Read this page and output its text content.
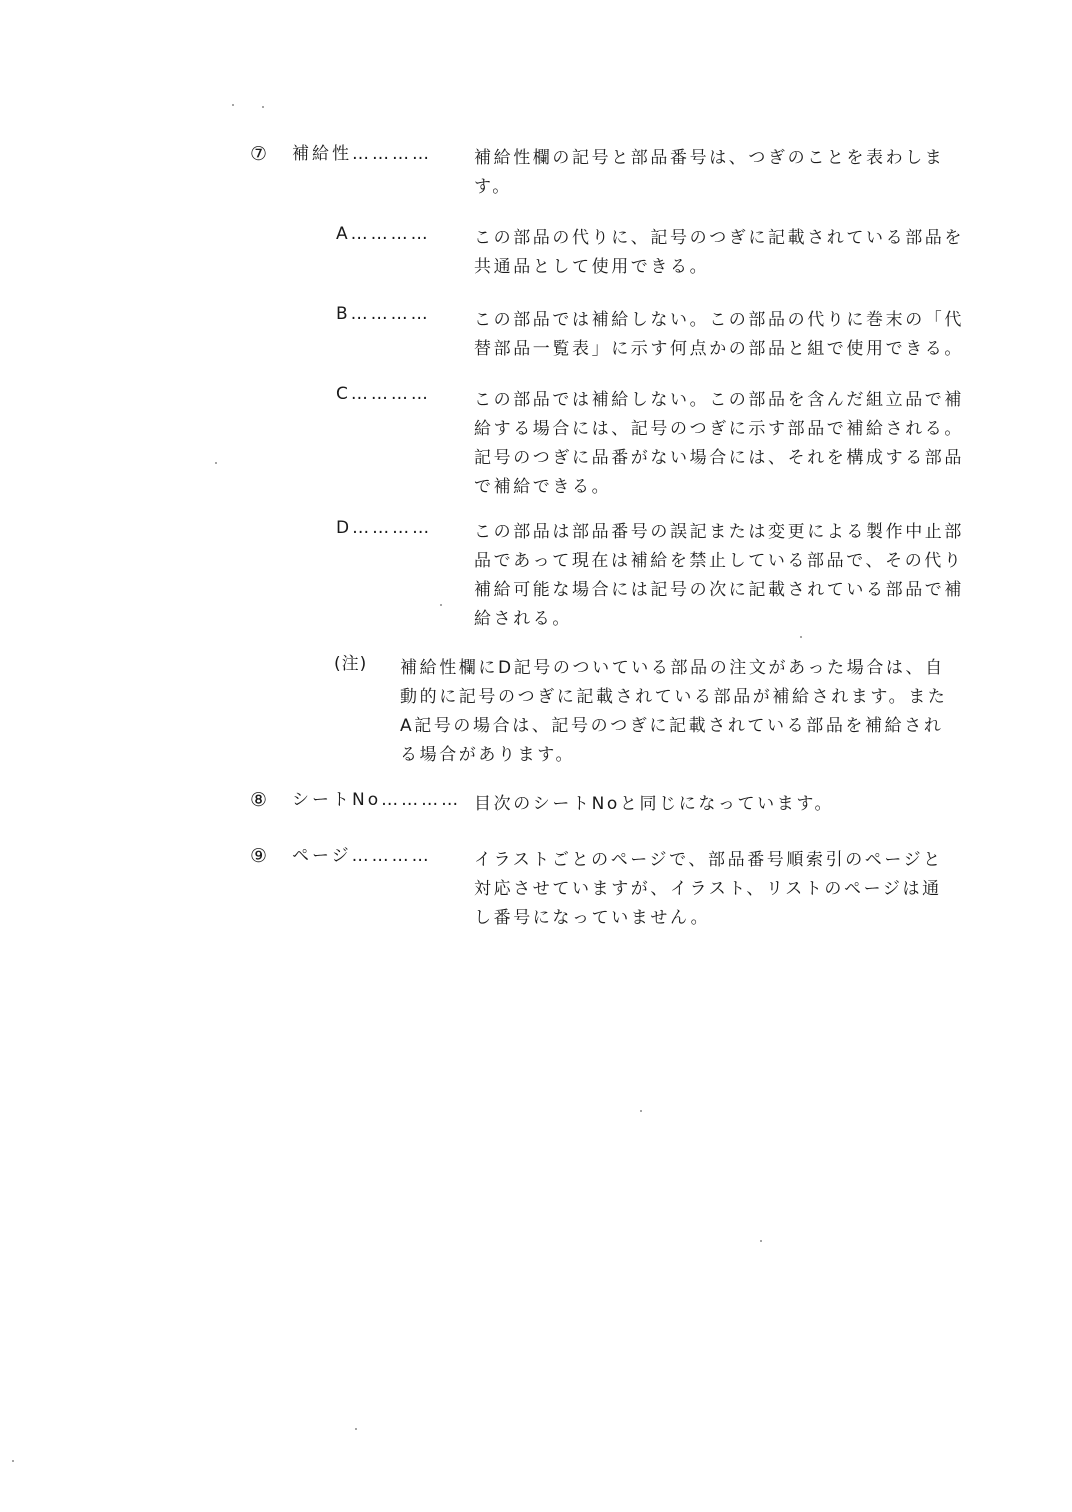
⑦ 補給性………… 補給性欄の記号と部品番号は、つぎのことを表わしま
す。
A…………	この部品の代りに、記号のつぎに記載されている部品を
共通品として使用できる。
B…………	この部品では補給しない。この部品の代りに巻末の「代
替部品一覧表」に示す何点かの部品と組で使用できる。
C…………	この部品では補給しない。この部品を含んだ組立品で補
給する場合には、記号のつぎに示す部品で補給される。
記号のつぎに品番がない場合には、それを構成する部品
で補給できる。
D………… この部品は部品番号の誤記または変更による製作中止部
品であって現在は補給を禁止している部品で、その代り
補給可能な場合には記号の次に記載されている部品で補
給される。
(注) 補給性欄にD記号のついている部品の注文があった場合は、自
動的に記号のつぎに記載されている部品が補給されます。また
A記号の場合は、記号のつぎに記載されている部品を補給され
る場合があります。
⑧ シートNo………… 目次のシートNoと同じになっています。
⑨ ページ………… イラストごとのページで、部品番号順索引のページと
対応させていますが、イラスト、リストのページは通
し番号になっていません。
